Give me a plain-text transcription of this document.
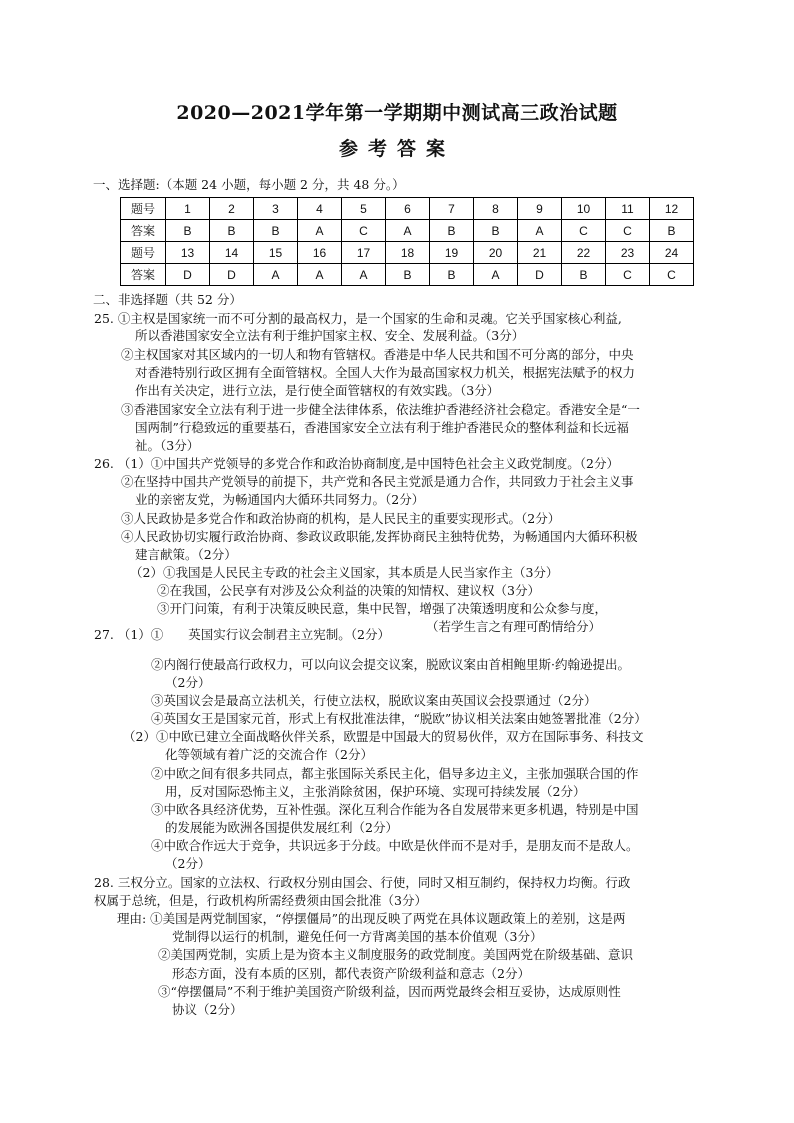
2020—2021学年第一学期期中测试高三政治试题
参考答案
一、选择题:（本题 24 小题，每小题 2 分，共 48 分。）
题号	1	2	3	4	5	6	7	8	9	10	11	12
答案	B	B	B	A	C	A	B	B	A	C	C	B
题号	13	14	15	16	17	18	19	20	21	22	23	24
答案	D	D	A	A	A	B	B	A	D	B	C	C
二、非选择题（共 52 分）
25. ①主权是国家统一而不可分割的最高权力，是一个国家的生命和灵魂。它关乎国家核心利益,
所以香港国家安全立法有利于维护国家主权、安全、发展利益。（3分）
②主权国家对其区域内的一切人和物有管辖权。香港是中华人民共和国不可分离的部分，中央
对香港特别行政区拥有全面管辖权。全国人大作为最高国家权力机关，根据宪法赋予的权力
作出有关决定，进行立法，是行使全面管辖权的有效实践。（3分）
③香港国家安全立法有利于进一步健全法律体系，依法维护香港经济社会稳定。香港安全是“一
国两制”行稳致远的重要基石，香港国家安全立法有利于维护香港民众的整体利益和长远福
祉。（3分）
26. （1）①中国共产党领导的多党合作和政治协商制度,是中国特色社会主义政党制度。（2分）
②在坚持中国共产党领导的前提下，共产党和各民主党派是通力合作，共同致力于社会主义事
业的亲密友党，为畅通国内大循环共同努力。（2分）
③人民政协是多党合作和政治协商的机构，是人民民主的重要实现形式。（2分）
④人民政协切实履行政治协商、参政议政职能,发挥协商民主独特优势，为畅通国内大循环积极
建言献策。（2分）
（2）①我国是人民民主专政的社会主义国家，其本质是人民当家作主（3分）
②在我国，公民享有对涉及公众利益的决策的知情权、建议权（3分）
③开门问策，有利于决策反映民意，集中民智，增强了决策透明度和公众参与度，
27. （1）①　　英国实行议会制君主立宪制。（2分）
（若学生言之有理可酌情给分）
②内阁行使最高行政权力，可以向议会提交议案，脱欧议案由首相鲍里斯·约翰逊提出。
（2分）
③英国议会是最高立法机关，行使立法权，脱欧议案由英国议会投票通过（2分）
④英国女王是国家元首，形式上有权批准法律，“脱欧”协议相关法案由她签署批准（2分）
（2）①中欧已建立全面战略伙伴关系，欧盟是中国最大的贸易伙伴，双方在国际事务、科技文
化等领域有着广泛的交流合作（2分）
②中欧之间有很多共同点，都主张国际关系民主化，倡导多边主义，主张加强联合国的作
用，反对国际恐怖主义，主张消除贫困，保护环境、实现可持续发展（2分）
③中欧各具经济优势，互补性强。深化互利合作能为各自发展带来更多机遇，特别是中国
的发展能为欧洲各国提供发展红利（2分）
④中欧合作远大于竞争，共识远多于分歧。中欧是伙伴而不是对手，是朋友而不是敌人。
（2分）
28. 三权分立。国家的立法权、行政权分别由国会、行使，同时又相互制约，保持权力均衡。行政
权属于总统，但是，行政机构所需经费须由国会批准（3分）
理由: ①美国是两党制国家，“停摆僵局”的出现反映了两党在具体议题政策上的差别，这是两
党制得以运行的机制，避免任何一方背离美国的基本价值观（3分）
②美国两党制，实质上是为资本主义制度服务的政党制度。美国两党在阶级基础、意识
形态方面，没有本质的区别，都代表资产阶级利益和意志（2分）
③“停摆僵局”不利于维护美国资产阶级利益，因而两党最终会相互妥协，达成原则性
协议（2分）
